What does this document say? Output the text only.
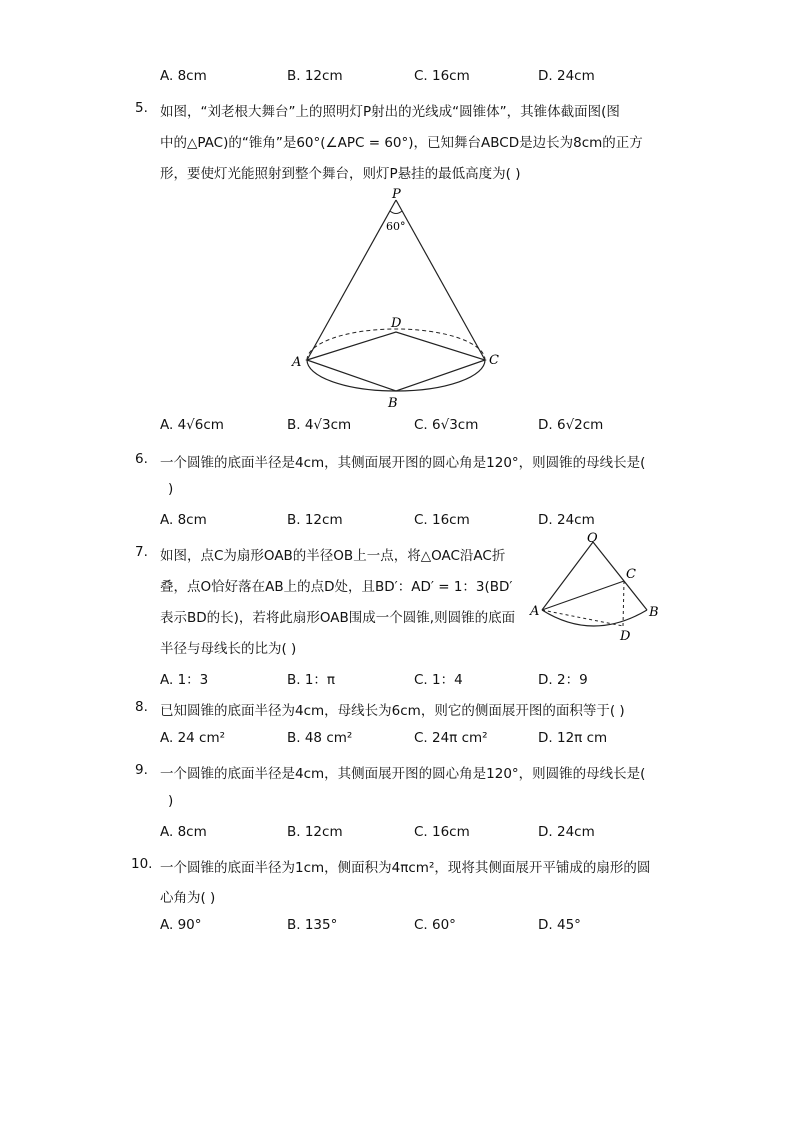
A. 8cm	B. 12cm	C. 16cm	D. 24cm
5. 如图，“刘老根大舞台”上的照明灯P射出的光线成“圆锥体”，其锥体截面图(图
中的△PAC)的“锥角”是60°(∠APC = 60°)，已知舞台ABCD是边长为8cm的正方
形，要使灯光能照射到整个舞台，则灯P悬挂的最低高度为( )
P
60°
A
D
C
B
A. 4√6cm	B. 4√3cm	C. 6√3cm	D. 6√2cm
6. 一个圆锥的底面半径是4cm，其侧面展开图的圆心角是120°，则圆锥的母线长是(
)
A. 8cm	B. 12cm	C. 16cm	D. 24cm
7. 如图，点C为扇形OAB的半径OB上一点，将△OAC沿AC折
叠，点O恰好落在AB上的点D处，且BD′：AD′ = 1：3(BD′
表示BD的长)，若将此扇形OAB围成一个圆锥,则圆锥的底面
半径与母线长的比为( )
O
C
A	B
D
A. 1：3	B. 1：π	C. 1：4	D. 2：9
8. 已知圆锥的底面半径为4cm，母线长为6cm，则它的侧面展开图的面积等于( )
A. 24 cm²	B. 48 cm²	C. 24π cm²	D. 12π cm
9. 一个圆锥的底面半径是4cm，其侧面展开图的圆心角是120°，则圆锥的母线长是(
)
A. 8cm	B. 12cm	C. 16cm	D. 24cm
10. 一个圆锥的底面半径为1cm，侧面积为4πcm²，现将其侧面展开平铺成的扇形的圆
心角为( )
A. 90°	B. 135°	C. 60°	D. 45°
